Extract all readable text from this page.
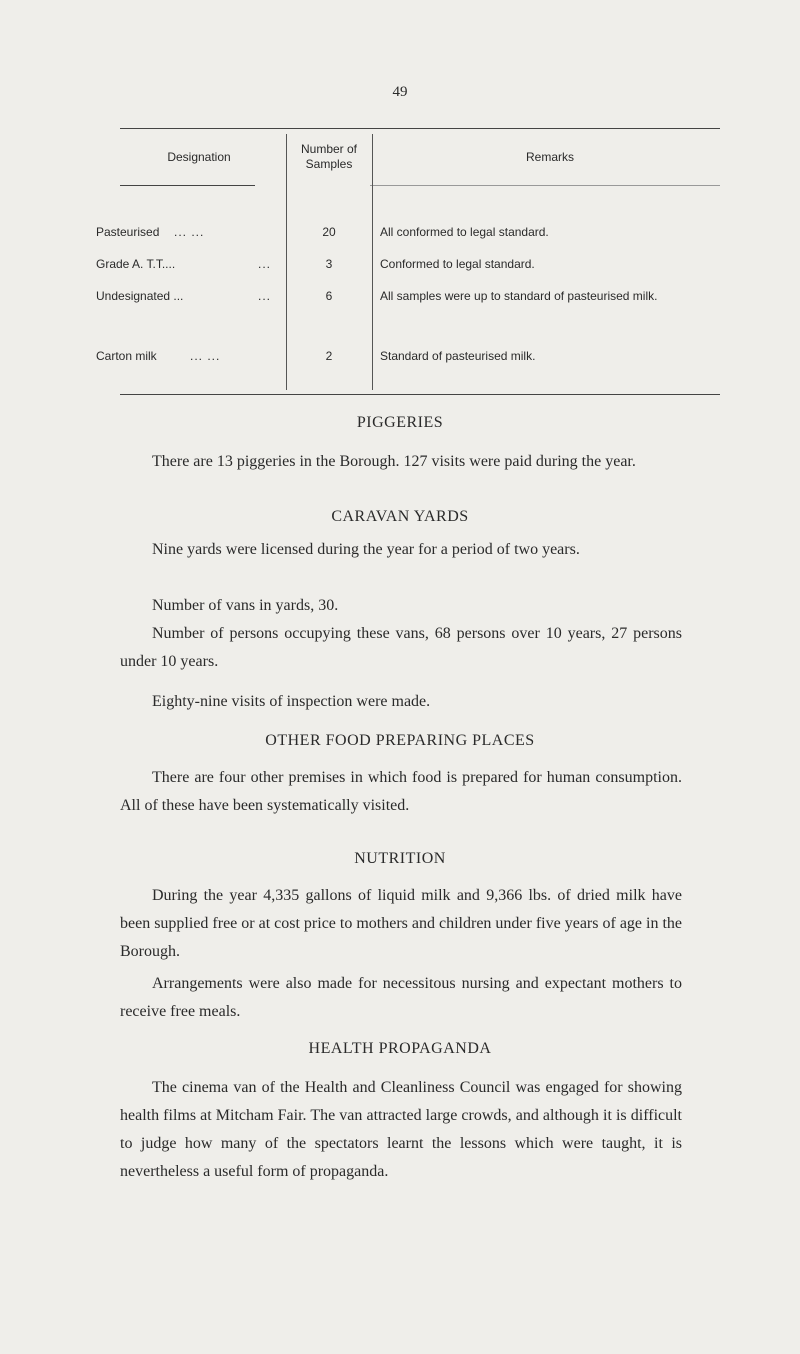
49
Designation
Number of Samples	Remarks
Pasteurised ... ...	20	All conformed to legal standard.
Grade A. T.T....	...	3	Conformed to legal standard.
Undesignated ...	...	6	All samples were up to standard of pasteurised milk.
Carton milk	... ...	2	Standard of pasteurised milk.
PIGGERIES

There are 13 piggeries in the Borough. 127 visits were paid during the year.

CARAVAN YARDS

Nine yards were licensed during the year for a period of two years.

Number of vans in yards, 30.

Number of persons occupying these vans, 68 persons over 10 years, 27 persons under 10 years.

Eighty-nine visits of inspection were made.

OTHER FOOD PREPARING PLACES

There are four other premises in which food is prepared for human consumption. All of these have been systematically visited.

NUTRITION

During the year 4,335 gallons of liquid milk and 9,366 lbs. of dried milk have been supplied free or at cost price to mothers and children under five years of age in the Borough.

Arrangements were also made for necessitous nursing and expectant mothers to receive free meals.

HEALTH PROPAGANDA

The cinema van of the Health and Cleanliness Council was engaged for showing health films at Mitcham Fair. The van attracted large crowds, and although it is difficult to judge how many of the spectators learnt the lessons which were taught, it is nevertheless a useful form of propaganda.
